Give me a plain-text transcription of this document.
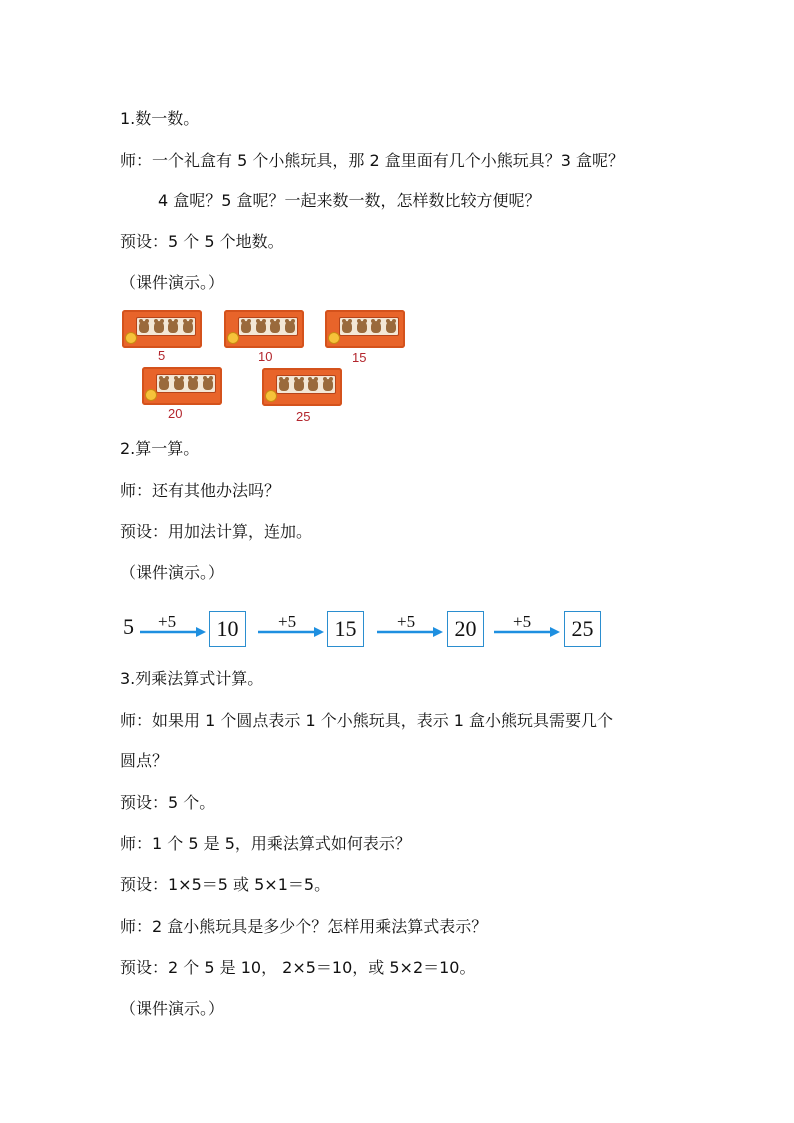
1.数一数。
师：一个礼盒有 5 个小熊玩具，那 2 盒里面有几个小熊玩具？3 盒呢？
4 盒呢？5 盒呢？一起来数一数，怎样数比较方便呢？
预设：5 个 5 个地数。
（课件演示。）
5	10	15
20	25
2.算一算。
师：还有其他办法吗？
预设：用加法计算，连加。
（课件演示。）
5 +5	10	+5	15	+5	20	+5	25
3.列乘法算式计算。
师：如果用 1 个圆点表示 1 个小熊玩具，表示 1 盒小熊玩具需要几个
圆点？
预设：5 个。
师：1 个 5 是 5，用乘法算式如何表示？
预设：1×5＝5 或 5×1＝5。
师：2 盒小熊玩具是多少个？怎样用乘法算式表示？
预设：2 个 5 是 10， 2×5＝10，或 5×2＝10。
（课件演示。）
